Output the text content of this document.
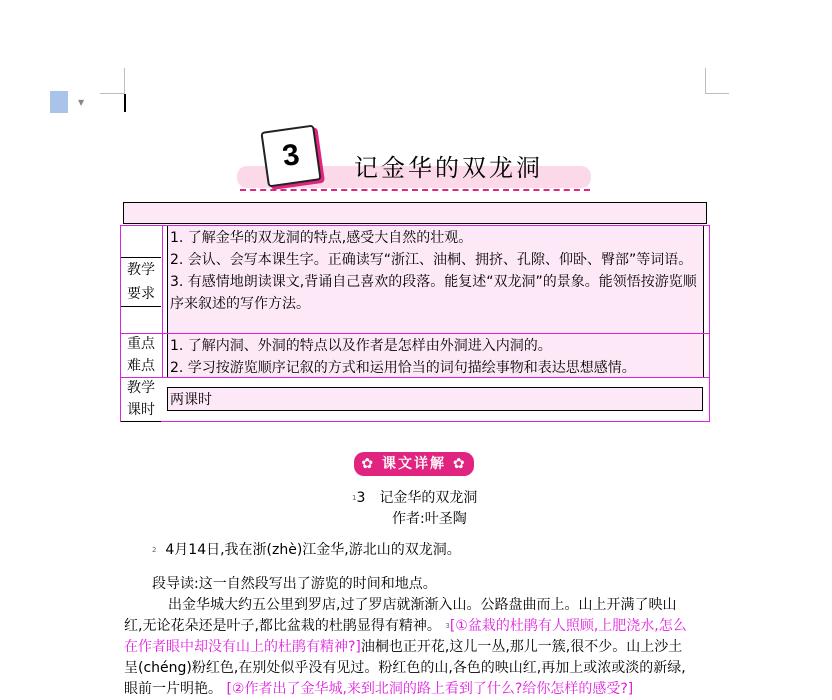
▼
3	记金华的双龙洞
教学要求
1. 了解金华的双龙洞的特点,感受大自然的壮观。
2. 会认、会写本课生字。正确读写“浙江、油桐、拥挤、孔隙、仰卧、臀部”等词语。
3. 有感情地朗读课文,背诵自己喜欢的段落。能复述“双龙洞”的景象。能领悟按游览顺序来叙述的写作方法。
重点难点
1. 了解内洞、外洞的特点以及作者是怎样由外洞进入内洞的。
2. 学习按游览顺序记叙的方式和运用恰当的词句描绘事物和表达思想感情。
教学课时
两课时
✿ 课文详解 ✿
$^1$3　记金华的双龙洞
作者:叶圣陶
$^2$ 4月14日,我在浙(zhè)江金华,游北山的双龙洞。
段导读:这一自然段写出了游览的时间和地点。
出金华城大约五公里到罗店,过了罗店就渐渐入山。公路盘曲而上。山上开满了映山
红,无论花朵还是叶子,都比盆栽的杜鹃显得有精神。 $^3$[①盆栽的杜鹃有人照顾,上肥浇水,怎么
在作者眼中却没有山上的杜鹃有精神?]油桐也正开花,这儿一丛,那儿一簇,很不少。山上沙土
呈(chéng)粉红色,在别处似乎没有见过。粉红色的山,各色的映山红,再加上或浓或淡的新绿,
眼前一片明艳。 [②作者出了金华城,来到北洞的路上看到了什么?给你怎样的感受?]
